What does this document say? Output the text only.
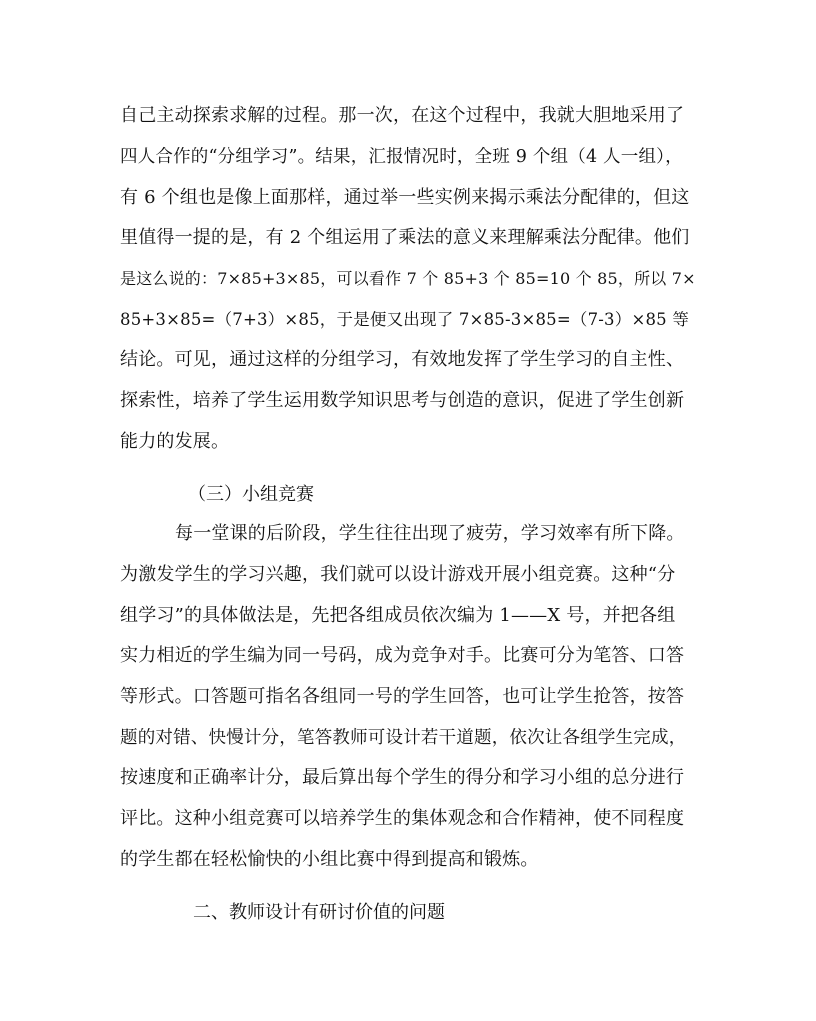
自己主动探索求解的过程。那一次，在这个过程中，我就大胆地采用了
四人合作的“分组学习”。结果，汇报情况时，全班 9 个组（4 人一组），
有 6 个组也是像上面那样，通过举一些实例来揭示乘法分配律的，但这
里值得一提的是，有 2 个组运用了乘法的意义来理解乘法分配律。他们
是这么说的：7×85+3×85，可以看作 7 个 85+3 个 85=10 个 85，所以 7×
85+3×85=（7+3）×85，于是便又出现了 7×85-3×85=（7-3）×85 等
结论。可见，通过这样的分组学习，有效地发挥了学生学习的自主性、
探索性，培养了学生运用数学知识思考与创造的意识，促进了学生创新
能力的发展。
（三）小组竞赛
每一堂课的后阶段，学生往往出现了疲劳，学习效率有所下降。
为激发学生的学习兴趣，我们就可以设计游戏开展小组竞赛。这种“分
组学习”的具体做法是，先把各组成员依次编为 1——X 号，并把各组
实力相近的学生编为同一号码，成为竞争对手。比赛可分为笔答、口答
等形式。口答题可指名各组同一号的学生回答，也可让学生抢答，按答
题的对错、快慢计分，笔答教师可设计若干道题，依次让各组学生完成，
按速度和正确率计分，最后算出每个学生的得分和学习小组的总分进行
评比。这种小组竞赛可以培养学生的集体观念和合作精神，使不同程度
的学生都在轻松愉快的小组比赛中得到提高和锻炼。
二、教师设计有研讨价值的问题
